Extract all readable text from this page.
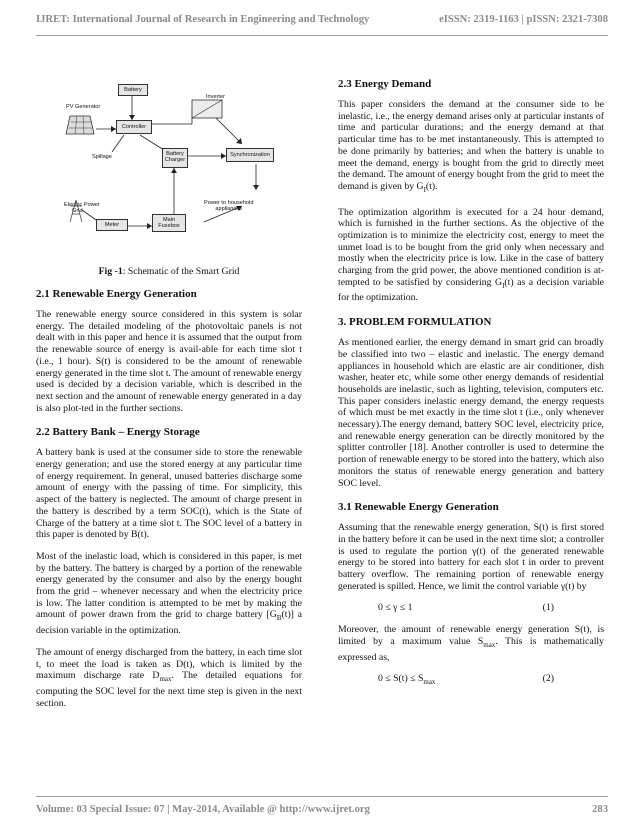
IJRET: International Journal of Research in Engineering and Technology	eISSN: 2319-1163 | pISSN: 2321-7308
Battery
PV Generator
Controller
Inverter
Spillage	Battery
Charger
Synchronization
Electric Power
Grid
Meter
Main
Fusebox
Power to household
appliances
Fig -1: Schematic of the Smart Grid
2.1 Renewable Energy Generation

The renewable energy source considered in this system is solar energy. The detailed modeling of the photovoltaic panels is not dealt with in this paper and hence it is assumed that the output from the renewable source of energy is avail-able for each time slot t (i.e., 1 hour). S(t) is considered to be the amount of renewable energy generated in the time slot t. The amount of renewable energy used is decided by a decision variable, which is described in the next section and the amount of renewable energy generated in a day is also plot-ted in the further sections.

2.2 Battery Bank – Energy Storage

A battery bank is used at the consumer side to store the renewable energy generation; and use the stored energy at any particular time of energy requirement. In general, unused batteries discharge some amount of energy with the passing of time. For simplicity, this aspect of the battery is neglected. The amount of charge present in the battery is described by a term SOC(t), which is the State of Charge of the battery at a time slot t. The SOC level of a battery in this paper is denoted by B(t).

Most of the inelastic load, which is considered in this paper, is met by the battery. The battery is charged by a portion of the renewable energy generated by the consumer and also by the energy bought from the grid – whenever necessary and when the electricity price is low. The latter condition is attempted to be met by making the amount of power drawn from the grid to charge battery $[G_B(t)]$ a decision variable in the optimization.

The amount of energy discharged from the battery, in each time slot t, to meet the load is taken as D(t), which is limited by the maximum discharge rate $D_{max}$. The detailed equations for computing the SOC level for the next time step is given in the next section.

2.3 Energy Demand

This paper considers the demand at the consumer side to be inelastic, i.e., the energy demand arises only at particular instants of time and particular durations; and the energy demand at that particular time has to be met instantaneously. This is attempted to be done primarily by batteries; and when the battery is unable to meet the demand, energy is bought from the grid to directly meet the demand. The amount of energy bought from the grid to meet the demand is given by $G_I(t)$.

The optimization algorithm is executed for a 24 hour demand, which is furnished in the further sections. As the objective of the optimization is to minimize the electricity cost, energy to meet the unmet load is to be bought from the grid only when necessary and mostly when the electricity price is low. Like in the case of battery charging from the grid power, the above mentioned condition is at-tempted to be satisfied by considering $G_I(t)$ as a decision variable for the optimization.

3. PROBLEM FORMULATION

As mentioned earlier, the energy demand in smart grid can broadly be classified into two – elastic and inelastic. The energy demand appliances in household which are elastic are air conditioner, dish washer, heater etc, while some other energy demands of residential households are inelastic, such as lighting, television, computers etc. This paper considers inelastic energy demand, the energy requests of which must be met exactly in the time slot t (i.e., only whenever necessary).The energy demand, battery SOC level, electricity price, and renewable energy generation can be directly monitored by the splitter controller [18]. Another controller is used to determine the portion of renewable energy to be stored into the battery, which also monitors the status of renewable energy generation and battery SOC level.

3.1 Renewable Energy Generation

Assuming that the renewable energy generation, S(t) is first stored in the battery before it can be used in the next time slot; a controller is used to regulate the portion γ(t) of the generated renewable energy to be stored into battery for each slot t in order to prevent battery overflow. The remaining portion of renewable energy generated is spilled. Hence, we limit the control variable γ(t) by

0 ≤ γ ≤ 1	(1)

Moreover, the amount of renewable energy generation S(t), is limited by a maximum value $S_{max}$. This is mathematically expressed as,

$0 \le S(t) \le S_{max}$	(2)
Volume: 03 Special Issue: 07 | May-2014, Available @ http://www.ijret.org	283
